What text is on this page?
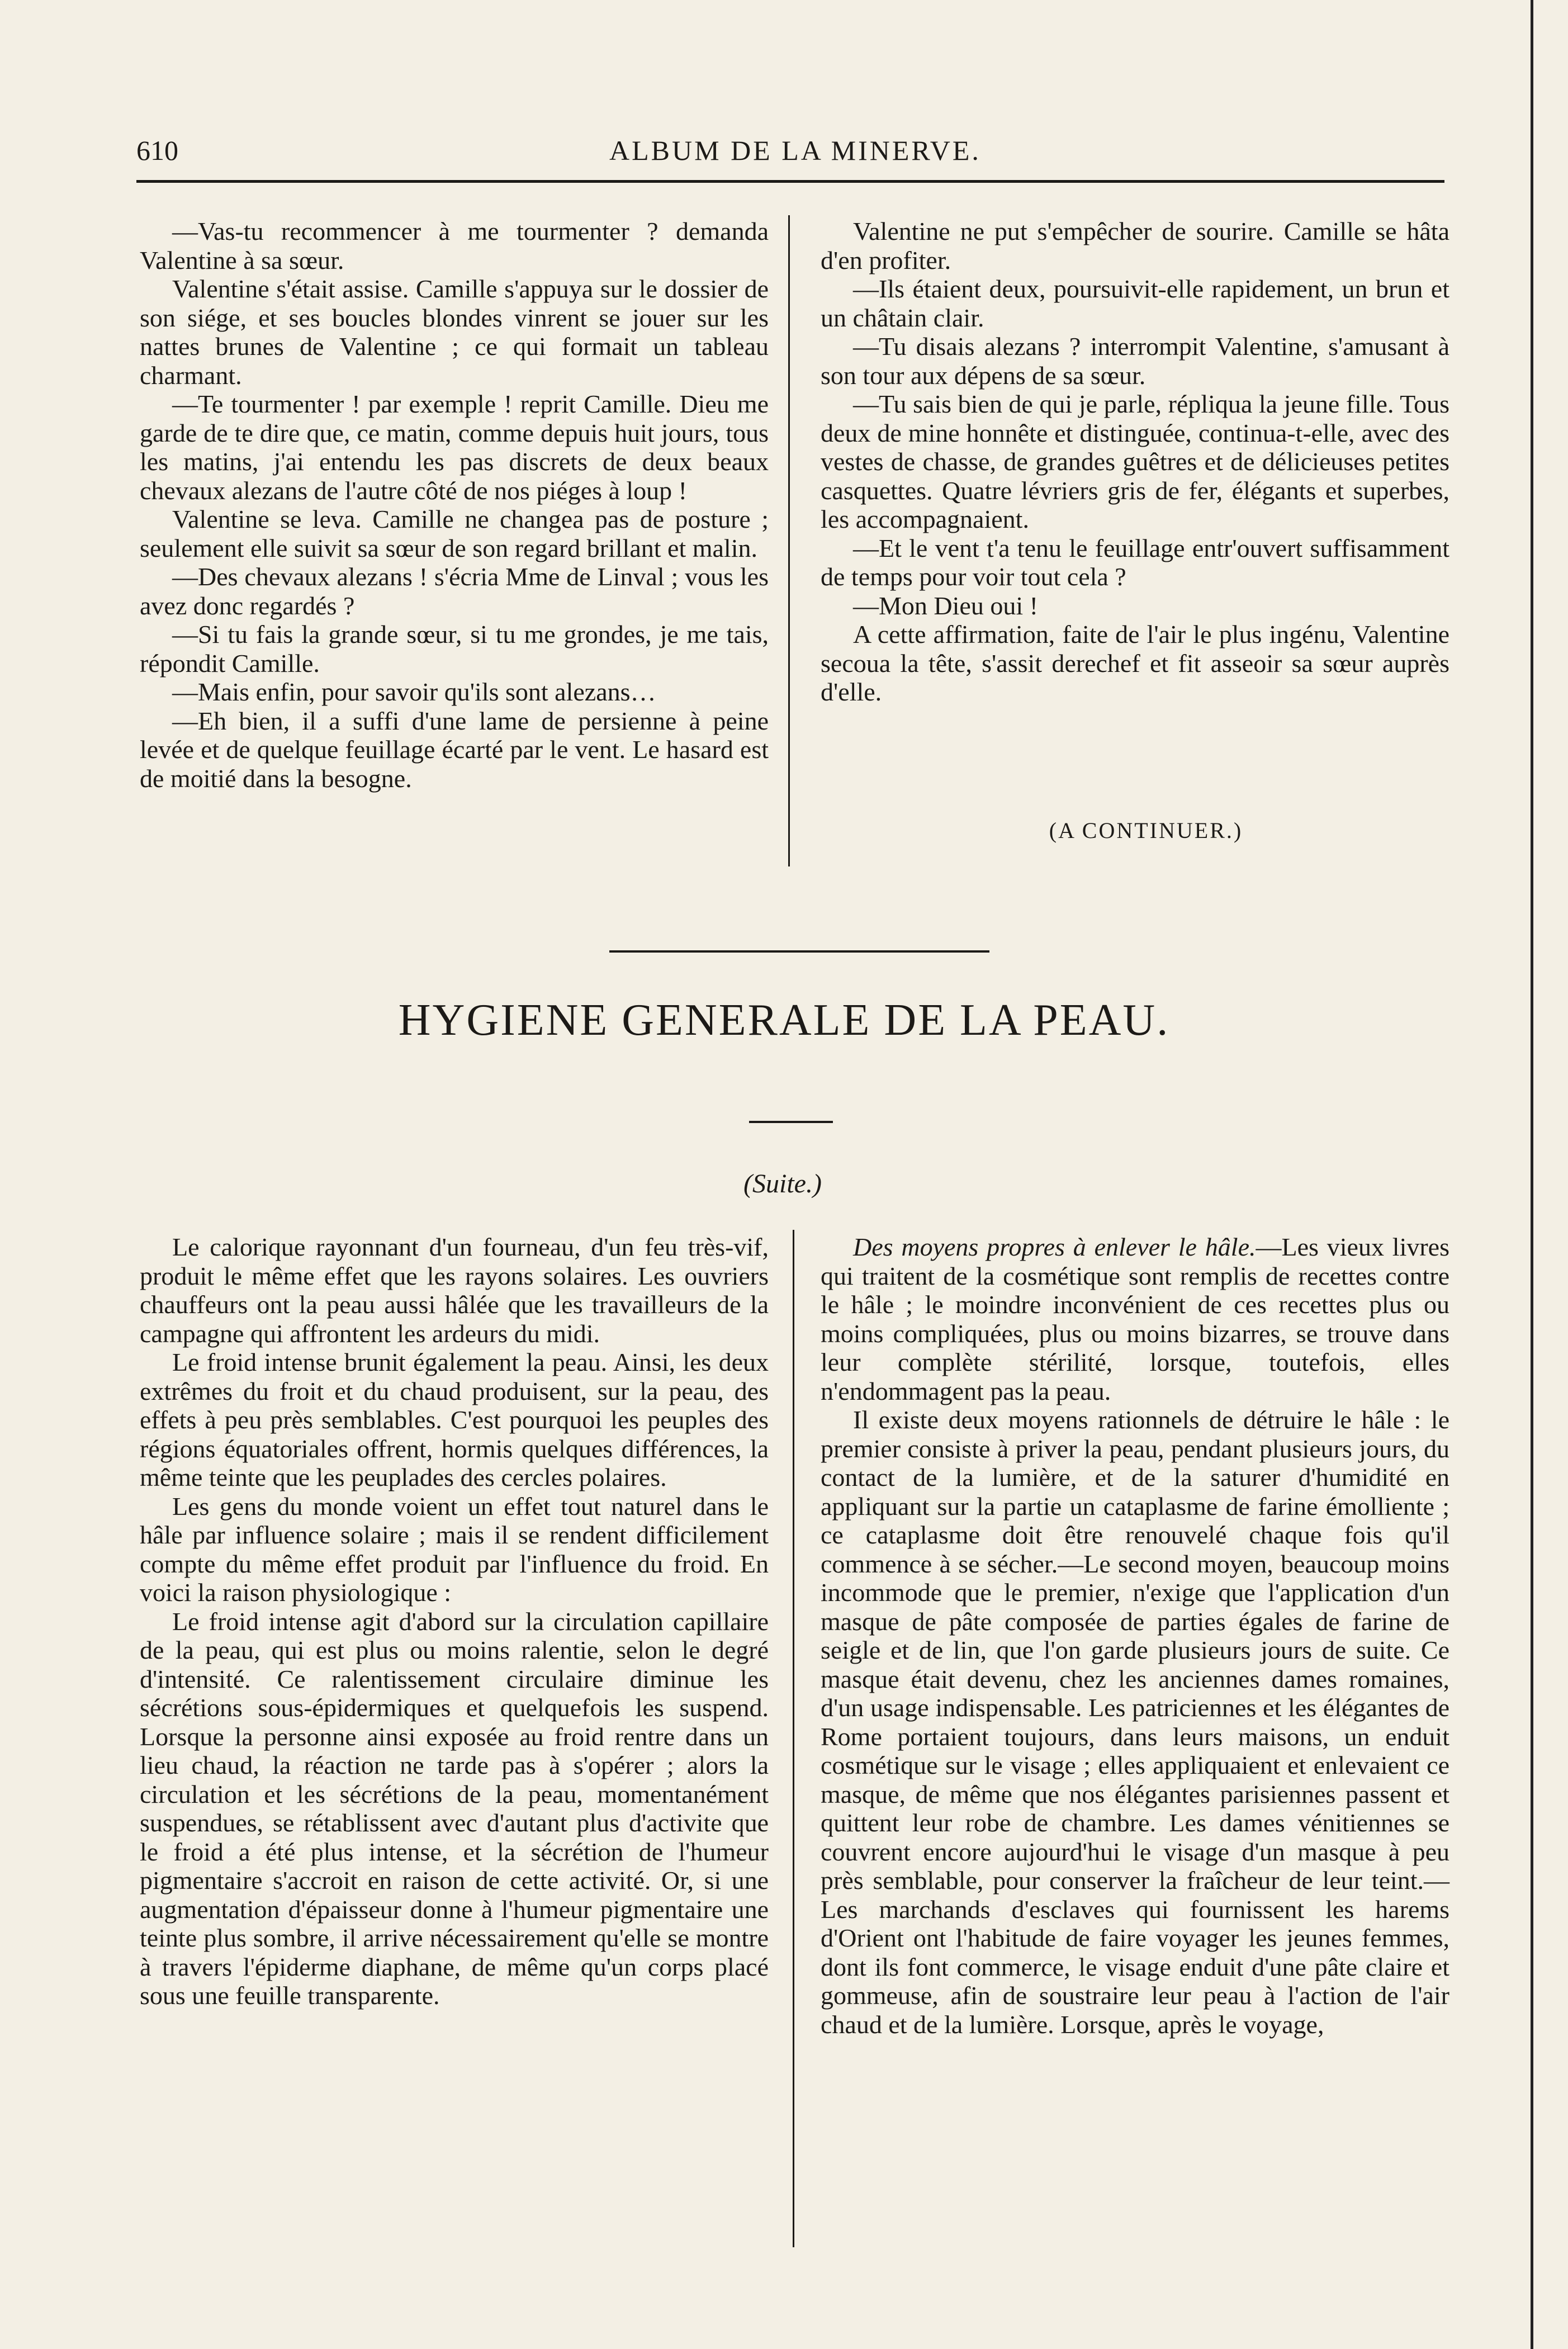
610	ALBUM DE LA MINERVE.

—Vas-tu recommencer à me tourmenter ? demanda Valentine à sa sœur.

Valentine s'était assise. Camille s'appuya sur le dossier de son siége, et ses boucles blondes vinrent se jouer sur les nattes brunes de Valentine ; ce qui formait un tableau charmant.

—Te tourmenter ! par exemple ! reprit Camille. Dieu me garde de te dire que, ce matin, comme depuis huit jours, tous les matins, j'ai entendu les pas discrets de deux beaux chevaux alezans de l'autre côté de nos piéges à loup !

Valentine se leva. Camille ne changea pas de posture ; seulement elle suivit sa sœur de son regard brillant et malin.

—Des chevaux alezans ! s'écria Mme de Linval ; vous les avez donc regardés ?

—Si tu fais la grande sœur, si tu me grondes, je me tais, répondit Camille.

—Mais enfin, pour savoir qu'ils sont alezans…

—Eh bien, il a suffi d'une lame de persienne à peine levée et de quelque feuillage écarté par le vent. Le hasard est de moitié dans la besogne.

Valentine ne put s'empêcher de sourire. Camille se hâta d'en profiter.

—Ils étaient deux, poursuivit-elle rapidement, un brun et un châtain clair.

—Tu disais alezans ? interrompit Valentine, s'amusant à son tour aux dépens de sa sœur.

—Tu sais bien de qui je parle, répliqua la jeune fille. Tous deux de mine honnête et distinguée, continua-t-elle, avec des vestes de chasse, de grandes guêtres et de délicieuses petites casquettes. Quatre lévriers gris de fer, élégants et superbes, les accompagnaient.

—Et le vent t'a tenu le feuillage entr'ouvert suffisamment de temps pour voir tout cela ?

—Mon Dieu oui !

A cette affirmation, faite de l'air le plus ingénu, Valentine secoua la tête, s'assit derechef et fit asseoir sa sœur auprès d'elle.

(A CONTINUER.)
HYGIENE GENERALE DE LA PEAU.
(Suite.)

Le calorique rayonnant d'un fourneau, d'un feu très-vif, produit le même effet que les rayons solaires. Les ouvriers chauffeurs ont la peau aussi hâlée que les travailleurs de la campagne qui affrontent les ardeurs du midi.

Le froid intense brunit également la peau. Ainsi, les deux extrêmes du froit et du chaud produisent, sur la peau, des effets à peu près semblables. C'est pourquoi les peuples des régions équatoriales offrent, hormis quelques différences, la même teinte que les peuplades des cercles polaires.

Les gens du monde voient un effet tout naturel dans le hâle par influence solaire ; mais il se rendent difficilement compte du même effet produit par l'influence du froid. En voici la raison physiologique :

Le froid intense agit d'abord sur la circulation capillaire de la peau, qui est plus ou moins ralentie, selon le degré d'intensité. Ce ralentissement circulaire diminue les sécrétions sous-épidermiques et quelquefois les suspend. Lorsque la personne ainsi exposée au froid rentre dans un lieu chaud, la réaction ne tarde pas à s'opérer ; alors la circulation et les sécrétions de la peau, momentanément suspendues, se rétablissent avec d'autant plus d'activite que le froid a été plus intense, et la sécrétion de l'humeur pigmentaire s'accroit en raison de cette activité. Or, si une augmentation d'épaisseur donne à l'humeur pigmentaire une teinte plus sombre, il arrive nécessairement qu'elle se montre à travers l'épiderme diaphane, de même qu'un corps placé sous une feuille transparente.

Des moyens propres à enlever le hâle.—Les vieux livres qui traitent de la cosmétique sont remplis de recettes contre le hâle ; le moindre inconvénient de ces recettes plus ou moins compliquées, plus ou moins bizarres, se trouve dans leur complète stérilité, lorsque, toutefois, elles n'endommagent pas la peau.

Il existe deux moyens rationnels de détruire le hâle : le premier consiste à priver la peau, pendant plusieurs jours, du contact de la lumière, et de la saturer d'humidité en appliquant sur la partie un cataplasme de farine émolliente ; ce cataplasme doit être renouvelé chaque fois qu'il commence à se sécher.—Le second moyen, beaucoup moins incommode que le premier, n'exige que l'application d'un masque de pâte composée de parties égales de farine de seigle et de lin, que l'on garde plusieurs jours de suite. Ce masque était devenu, chez les anciennes dames romaines, d'un usage indispensable. Les patriciennes et les élégantes de Rome portaient toujours, dans leurs maisons, un enduit cosmétique sur le visage ; elles appliquaient et enlevaient ce masque, de même que nos élégantes parisiennes passent et quittent leur robe de chambre. Les dames vénitiennes se couvrent encore aujourd'hui le visage d'un masque à peu près semblable, pour conserver la fraîcheur de leur teint.—Les marchands d'esclaves qui fournissent les harems d'Orient ont l'habitude de faire voyager les jeunes femmes, dont ils font commerce, le visage enduit d'une pâte claire et gommeuse, afin de soustraire leur peau à l'action de l'air chaud et de la lumière. Lorsque, après le voyage,
